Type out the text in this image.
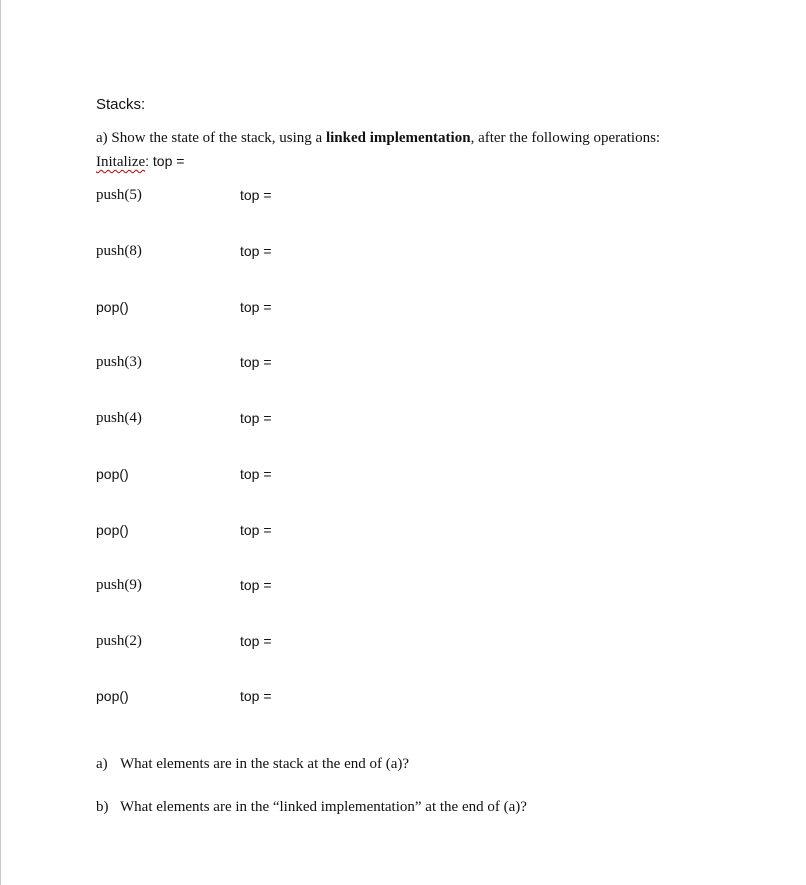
Stacks:
a) Show the state of the stack, using a linked implementation, after the following operations:
Initalize: top =
push(5)	top =
push(8)	top =
pop()	top =
push(3)	top =
push(4)	top =
pop()	top =
pop()	top =
push(9)	top =
push(2)	top =
pop()	top =
a) What elements are in the stack at the end of (a)?
b) What elements are in the “linked implementation” at the end of (a)?
